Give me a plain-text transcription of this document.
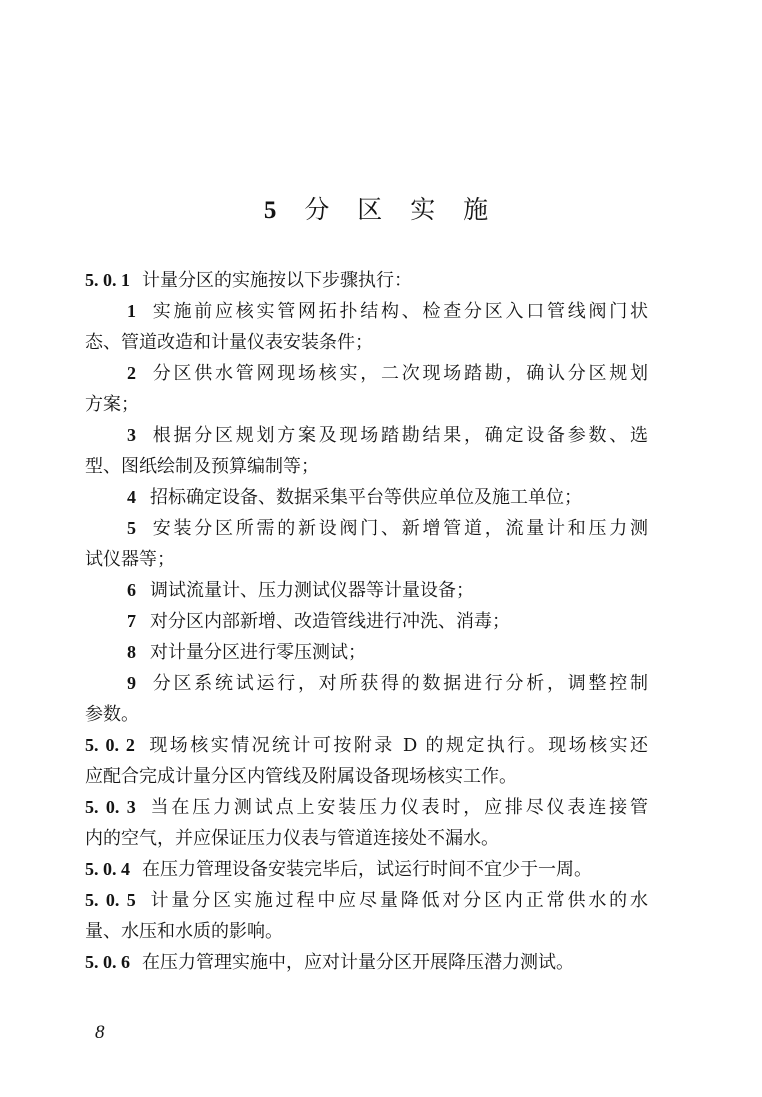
5 分 区 实 施
5. 0. 1 计量分区的实施按以下步骤执行：
1 实施前应核实管网拓扑结构、检查分区入口管线阀门状
态、管道改造和计量仪表安装条件；
2 分区供水管网现场核实，二次现场踏勘，确认分区规划
方案；
3 根据分区规划方案及现场踏勘结果，确定设备参数、选
型、图纸绘制及预算编制等；
4 招标确定设备、数据采集平台等供应单位及施工单位；
5 安装分区所需的新设阀门、新增管道，流量计和压力测
试仪器等；
6 调试流量计、压力测试仪器等计量设备；
7 对分区内部新增、改造管线进行冲洗、消毒；
8 对计量分区进行零压测试；
9 分区系统试运行，对所获得的数据进行分析，调整控制
参数。
5. 0. 2 现场核实情况统计可按附录 D 的规定执行。现场核实还
应配合完成计量分区内管线及附属设备现场核实工作。
5. 0. 3 当在压力测试点上安装压力仪表时，应排尽仪表连接管
内的空气，并应保证压力仪表与管道连接处不漏水。
5. 0. 4 在压力管理设备安装完毕后，试运行时间不宜少于一周。
5. 0. 5 计量分区实施过程中应尽量降低对分区内正常供水的水
量、水压和水质的影响。
5. 0. 6 在压力管理实施中，应对计量分区开展降压潜力测试。
8
